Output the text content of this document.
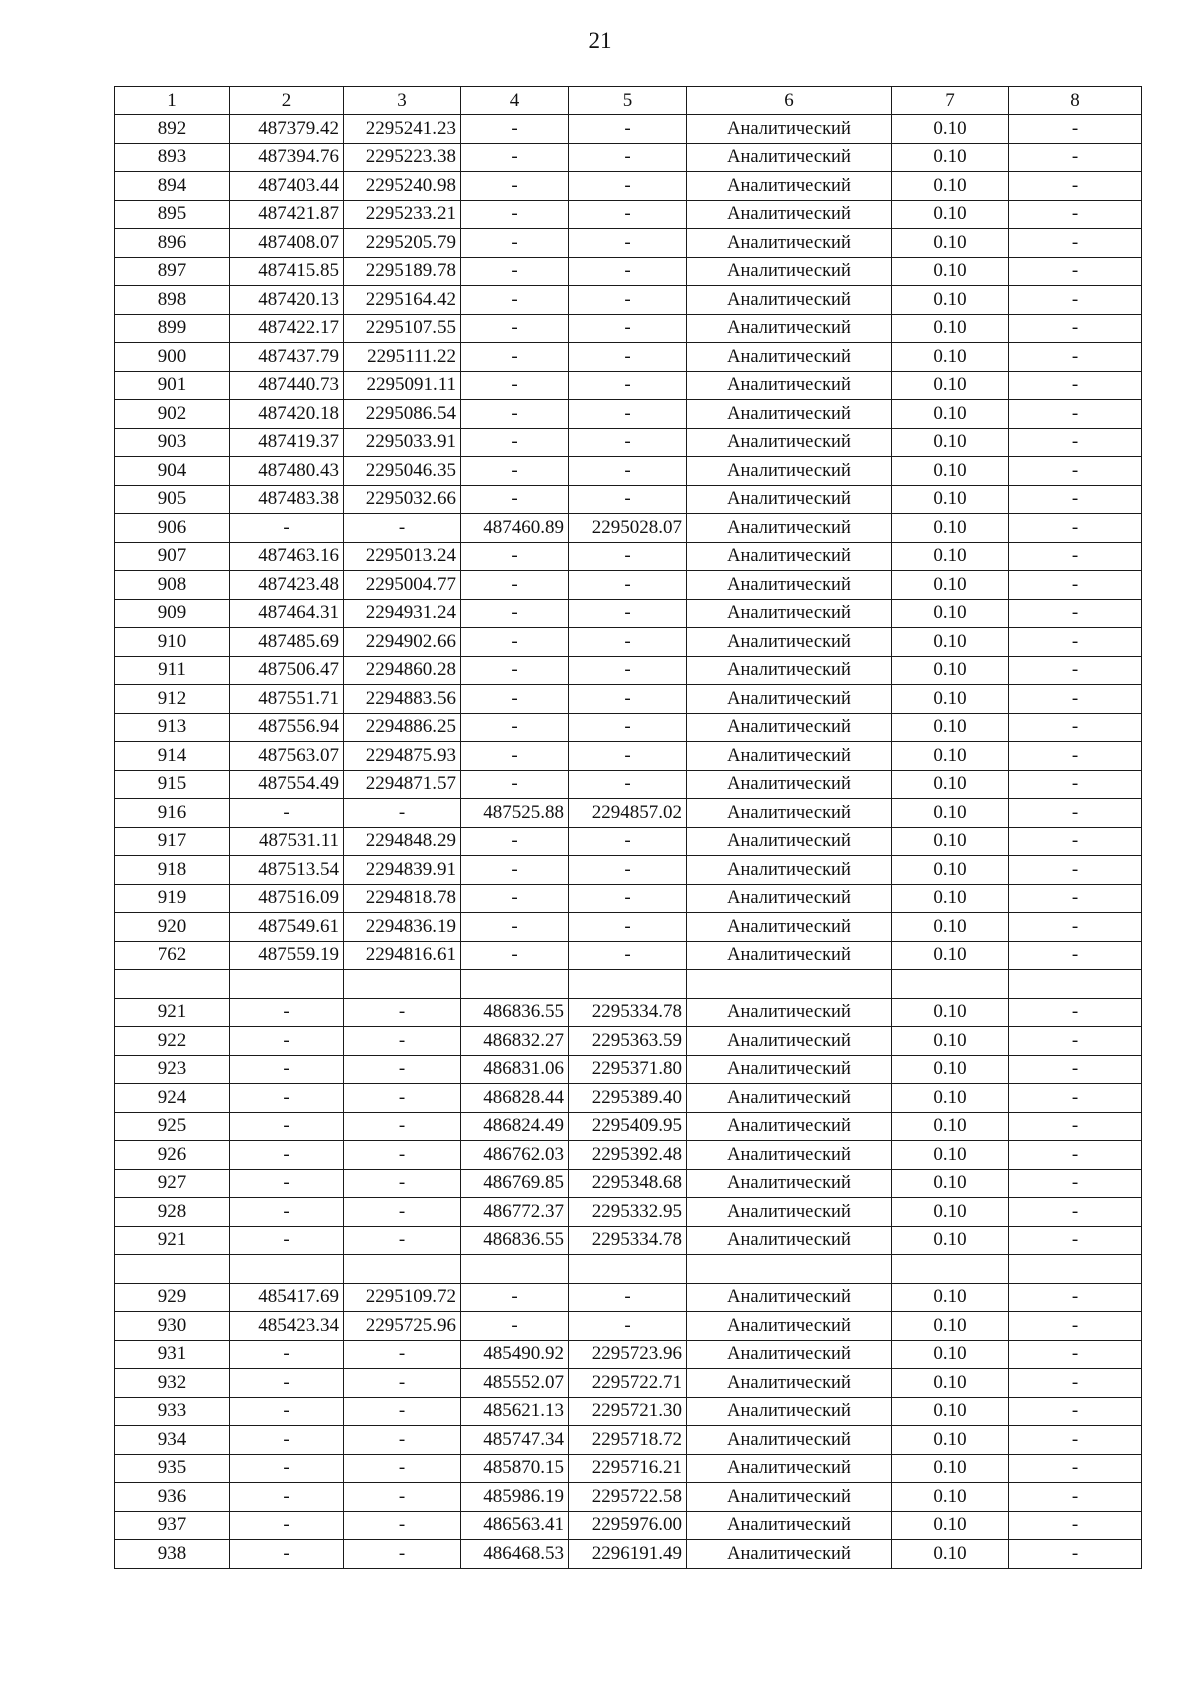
21
1	2	3	4	5	6	7	8
892	487379.42	2295241.23	-	-	Аналитический	0.10	-
893	487394.76	2295223.38	-	-	Аналитический	0.10	-
894	487403.44	2295240.98	-	-	Аналитический	0.10	-
895	487421.87	2295233.21	-	-	Аналитический	0.10	-
896	487408.07	2295205.79	-	-	Аналитический	0.10	-
897	487415.85	2295189.78	-	-	Аналитический	0.10	-
898	487420.13	2295164.42	-	-	Аналитический	0.10	-
899	487422.17	2295107.55	-	-	Аналитический	0.10	-
900	487437.79	2295111.22	-	-	Аналитический	0.10	-
901	487440.73	2295091.11	-	-	Аналитический	0.10	-
902	487420.18	2295086.54	-	-	Аналитический	0.10	-
903	487419.37	2295033.91	-	-	Аналитический	0.10	-
904	487480.43	2295046.35	-	-	Аналитический	0.10	-
905	487483.38	2295032.66	-	-	Аналитический	0.10	-
906	-	-	487460.89	2295028.07	Аналитический	0.10	-
907	487463.16	2295013.24	-	-	Аналитический	0.10	-
908	487423.48	2295004.77	-	-	Аналитический	0.10	-
909	487464.31	2294931.24	-	-	Аналитический	0.10	-
910	487485.69	2294902.66	-	-	Аналитический	0.10	-
911	487506.47	2294860.28	-	-	Аналитический	0.10	-
912	487551.71	2294883.56	-	-	Аналитический	0.10	-
913	487556.94	2294886.25	-	-	Аналитический	0.10	-
914	487563.07	2294875.93	-	-	Аналитический	0.10	-
915	487554.49	2294871.57	-	-	Аналитический	0.10	-
916	-	-	487525.88	2294857.02	Аналитический	0.10	-
917	487531.11	2294848.29	-	-	Аналитический	0.10	-
918	487513.54	2294839.91	-	-	Аналитический	0.10	-
919	487516.09	2294818.78	-	-	Аналитический	0.10	-
920	487549.61	2294836.19	-	-	Аналитический	0.10	-
762	487559.19	2294816.61	-	-	Аналитический	0.10	-

921	-	-	486836.55	2295334.78	Аналитический	0.10	-
922	-	-	486832.27	2295363.59	Аналитический	0.10	-
923	-	-	486831.06	2295371.80	Аналитический	0.10	-
924	-	-	486828.44	2295389.40	Аналитический	0.10	-
925	-	-	486824.49	2295409.95	Аналитический	0.10	-
926	-	-	486762.03	2295392.48	Аналитический	0.10	-
927	-	-	486769.85	2295348.68	Аналитический	0.10	-
928	-	-	486772.37	2295332.95	Аналитический	0.10	-
921	-	-	486836.55	2295334.78	Аналитический	0.10	-

929	485417.69	2295109.72	-	-	Аналитический	0.10	-
930	485423.34	2295725.96	-	-	Аналитический	0.10	-
931	-	-	485490.92	2295723.96	Аналитический	0.10	-
932	-	-	485552.07	2295722.71	Аналитический	0.10	-
933	-	-	485621.13	2295721.30	Аналитический	0.10	-
934	-	-	485747.34	2295718.72	Аналитический	0.10	-
935	-	-	485870.15	2295716.21	Аналитический	0.10	-
936	-	-	485986.19	2295722.58	Аналитический	0.10	-
937	-	-	486563.41	2295976.00	Аналитический	0.10	-
938	-	-	486468.53	2296191.49	Аналитический	0.10	-
